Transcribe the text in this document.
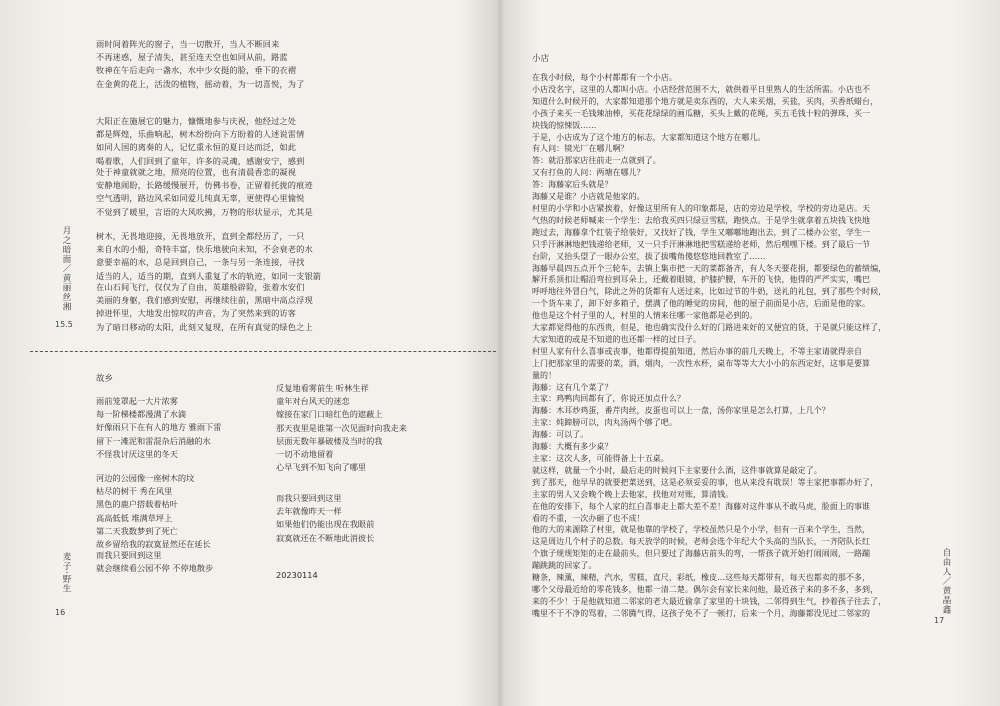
雨时间着阵光的窗子，当一切散开，当人不断回来
不再迷惑，屋子清失，甚至连天空也如同从前，路蓝
牧神在午后走向一盏水，水中少女挺的脸，垂下的衣褶
在金黄的花上，活泼的植物，摇动着，为一切喜悦，为了
大阳正在施展它的魅力，慷慨地参与庆祝，他经过之处
都是辉煌，乐曲响起，树木纷纷向下方盼着的人述说雷情
如同人国的离奏的人，记忆重永恒的夏日达而泛，如此
喝着歌，人们回到了童年，许多的灵魂，感谢安宁，感到
处于神童就就之地，照亮的位置，也有清晨香恋的凝视
安静地闹盼，长路缓慢展开，仿佛书卷，正留着托拢的痕迹
空气透明，路边风采如同爱儿纯真无辜，更使得心里愉悦
不觉到了暖里，言语的大风吹拂，万物的形状显示，尤其是
树木，无畏地迎接，无畏地放开，直到全都经历了，一只
来自水的小船，奇特丰富，快乐地驶向未知，不会衰老的水
意要幸福的水，总是回到自己，一条与另一条连接，寻找
适当的人，适当的期，直到人重复了水的轨迹，如同一支银箭
在山石间飞行，仅仅为了自由，英雄般辟险，张着水安们
美丽的身躯，我们感到安慰，再继续往前，黑暗中高点浮现
掉进怀里，大地发出惊叹的声音，为了突然来到的访客
为了暗日移动的太阳，此刻又复现，在所有真觉的绿色之上
月之暗面／黄丽丝湘
15.5
故乡
雨前笼罩起一大片浓雾
每一阶梯楼都漫满了水滴
好像雨只下在有人的地方 雅雨下雷
留下一滩泥和雷混杂后消融的水
不怪我讨厌这里的冬天
河边的公园像一座树木的坟
枯尽的树干 秀在风里
黑色的鹿户搭载着枯叶
高高低低 堆满草坪上
第二天我数梦到了死亡
故乡留给我的寂寞显然还在延长
而我只要回到这里
就会继续看公园不停 不停地散步
反复地看雾前生 听林生祥
童年对台风天的迷恋
嫁接在家门口暗红色的遮蔽上
那天夜里是谁第一次见面时向我走来
层面无数年暴破楼及当时的我
一切不动地留着
心早飞到不知飞向了哪里
而我只要回到这里
去年就像昨天一样
如果他们仍能出现在我眼前
寂寞就还在不断地此消彼长
20230114
麦子·野生
16
小店
在我小时候，每个小村都都有一个小店。
小店没名字，这里的人都叫小店。小店经营范围不大，就供着平日里熟人的生活所需。小店也不
知道什么时候开的，大家都知道那个地方就是卖东西的，大人来买烟，买盐，买肉，买香纸蜡台，
小孩子来买一毛钱辣油棒，买花花绿绿的画瓜糖，买头上戴的花绳，买五毛钱十粒的弹珠，买一
块钱的惊悚饭……
于是，小店成为了这个地方的标志，大家都知道这个地方在哪儿。
有人问：镜光厂在哪儿啊？
答：就沿那家店往前走一点就到了。
又有打鱼的人问：两塘在哪儿？
答：海藤家后头就是？
海藤又是谁？小店就是他家的。
村里的小学和小店紧挨着，好像这里所有人的印象都是，店的旁边是学校，学校的旁边是店。天
气热的时候老师喊来一个学生：去给我买四只绿豆雪糕，跑快点。于是学生就拿着五块钱飞快地
跑过去，海藤拿个红装子给装好，又找好了钱，学生又嘟嘟地跑出去，到了二楼办公室，学生一
只手汗淋淋地把钱递给老师，又一只手汗淋淋地把雪糕递给老师，然后嘿嘿下楼。到了最后一节
台阶，又抬头望了一眼办公室，拔了拔嘴角傻悠悠地回教室了……
海藤早晨四五点开个三轮车，去镇上集市把一天的菜都备齐，有人冬天要花捐，都要绿色的蓄绩编，
解开系顶扣让帽沿弯拉到耳朵上，还戴着眼镜，护膝护腰，车开的飞快，他得的严严实实，嘴巴
呼呼地往外冒白气，除此之外的货都有人送过来，比如过节的牛奶，送礼的礼包，到了那些个时候，
一个货车来了，卸下好多箱子，摆满了他的睡觉的房间，他的屋子前面是小店，后面是他的家。
他也是这个村子里的人，村里的人情来往哪一家他都是必到的。
大家都觉得他的东西贵，但是，他也确实没什么好的门路进来好的又便宜的货，于是就只能这样了，
大家知道的或是不知道的也还都一样的过日子。
村里人家有什么喜事或丧事，他都得提前知道，然后办事的前几天晚上，不等主家请就得亲自
上门把那家里的需要的菜，酒，烟肉，一次性水杯，桌布等等大大小小的东西定好，这事是要算
量的！
海藤：这有几个菜了？
主家：鸡鸭肉回都有了，你说还加点什么？
海藤：木耳炒鸡蛋，番芹肉丝，皮蛋也可以上一盘，汤你家里是怎么打算，上几个？
主家：炖蹄膀可以，肉丸汤两个够了吧。
海藤：可以了。
海藤：大概有多少桌？
主家：这次人多，可能得备上十五桌。
就这样，就量一个小时，最后走的时候问下主家要什么酒，这件事就算是敲定了。
到了那天，他早早的就要把菜送到，这是必须妥妥的事，也从来没有耽误！等主家把事都办好了，
主家的男人又会晚个晚上去他家，找他对对账，算清钱。
在他的安排下，每个人家的红白喜事走上都大差不差！海藤对这件事从不敢马虎，脸面上的事谁
看的不重，一次办砸了也不成！
他的大的来源除了村里，就是他靠的学校了，学校虽然只是个小学，但有一百来个学生，当然，
这是周边几个村子的总数。每天放学的时候，老师会选个年纪大个头高的当队长，一齐陪队长红
个旗子规规矩矩的走在最前头，但只要过了海藤店前头的弯，一帮孩子就开始打闹闹闹，一路蹦
蹦跳跳的回家了。
糖条，辣薰，辣精，汽水，雪糕，直尺，彩纸，橡皮…这些每天都带有，每天也都卖的那不多，
哪个父母最近给的零花钱多，他都一清二楚。偶尔会有家长来问他，最近孩子来的多不多，多到，
来的不少！于是他就知道二邻家的老大最近偷拿了家里的十块钱，二邻得到生气，抄着孩子往去了，
嘴里不干不净的骂着，二邻腾气得，这孩子免不了一顿打，后来一个月，海藤都没见过二邻家的	自由人／黄晶鑫
17
